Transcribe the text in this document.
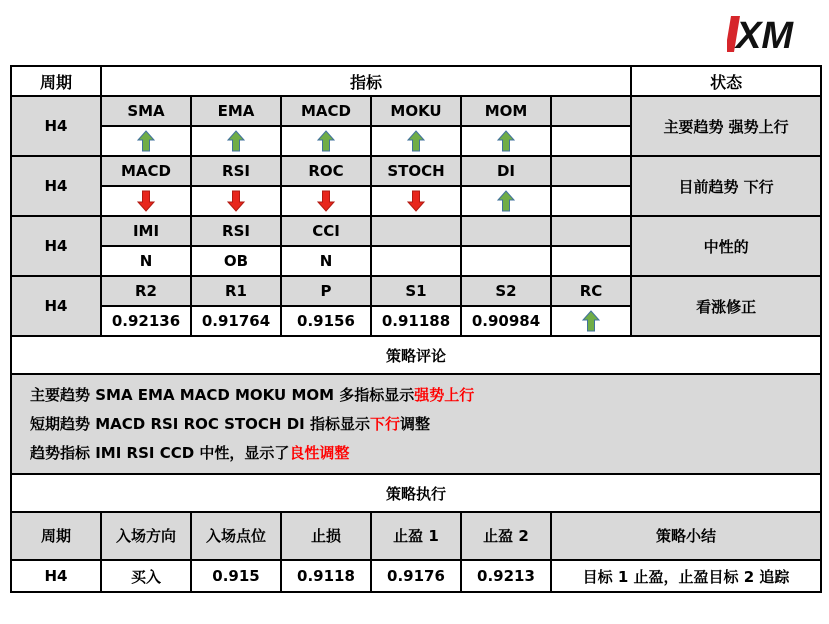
XM
周期	指标						状态
H4	SMA	EMA	MACD	MOKU	MOM		主要趋势 强势上行

H4	MACD	RSI	ROC	STOCH	DI		目前趋势 下行

H4	IMI	RSI	CCI				中性的
	N	OB	N				
H4	R2	R1	P	S1	S2	RC	看涨修正
	0.92136	0.91764	0.9156	0.91188	0.90984	
策略评论							

主要趋势 SMA EMA MACD MOKU MOM 多指标显示强势上行
短期趋势 MACD RSI ROC STOCH DI 指标显示下行调整
趋势指标 IMI RSI CCD 中性，显示了良性调整							

策略执行							
周期	入场方向	入场点位	止损	止盈 1	止盈 2	策略小结	
H4	买入	0.915	0.9118	0.9176	0.9213	目标 1 止盈，止盈目标 2 追踪	
